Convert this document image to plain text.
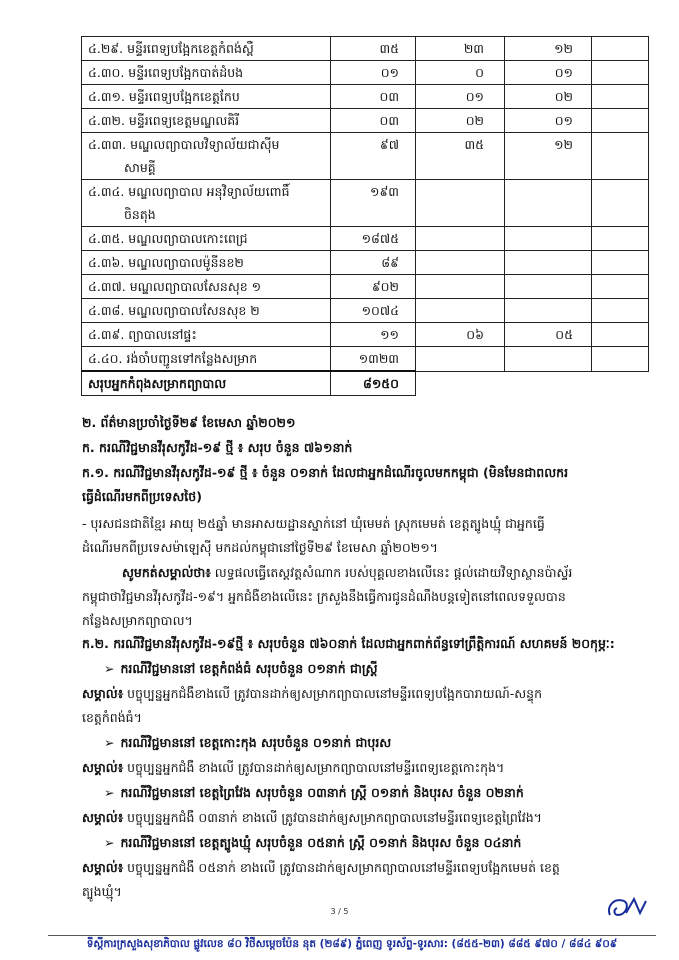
៤.២៩. មន្ទីរពេទ្យបង្អែកខេត្តកំពង់ស្ពឺ	៣៥	២៣	១២	

៤.៣០. មន្ទីរពេទ្យបង្អែកបាត់ដំបង	០១	០	០១	

៤.៣១. មន្ទីរពេទ្យបង្អែកខេត្តកែប	០៣	០១	០២	

៤.៣២. មន្ទីរពេទ្យខេត្តមណ្ឌលគិរី	០៣	០២	០១	

៤.៣៣. មណ្ឌលព្យាបាលវិទ្យាល័យជាស៊ីម
សាមគ្គី	៩៧	៣៥	១២	

៤.៣៤. មណ្ឌលព្យាបាល អនុវិទ្យាល័យពោធិ៍
ចិនតុង	១៩៣			

៤.៣៥. មណ្ឌលព្យាបាលកោះពេជ្រ	១៨៧៥			

៤.៣៦. មណ្ឌលព្យាបាលម៉ូនីនខ២	៨៩			

៤.៣៧. មណ្ឌលព្យាបាលសែនសុខ ១	៩០២			

៤.៣៨. មណ្ឌលព្យាបាលសែនសុខ ២	១០៧៤			

៤.៣៩. ព្យាបាលនៅផ្ទះ	១១	០៦	០៥	

៤.៤០. រង់ចាំបញ្ជូនទៅកន្លែងសម្រាក	១៣២៣			
សរុបអ្នកកំពុងសម្រាកព្យាបាល	៨១៥០			
២. ព័ត៌មានប្រចាំថ្ងៃទី២៩ ខែមេសា ឆ្នាំ២០២១
ក. ករណីវិជ្ជមានវីរុសកូវីដ-១៩ ថ្មី ៖ សរុប ចំនួន ៧៦១នាក់
ក.១. ករណីវិជ្ជមានវីរុសកូវីដ-១៩ ថ្មី ៖ ចំនួន ០១នាក់ ដែលជាអ្នកដំណើរចូលមកកម្ពុជា (មិនមែនជាពលករ
ធ្វើដំណើរមកពីប្រទេសថៃ)
- បុរសជនជាតិខ្មែរ អាយុ ២៥ឆ្នាំ មានអាសយដ្ឋានស្នាក់នៅ ឃុំមេមត់ ស្រុកមេមត់ ខេត្តត្បូងឃ្មុំ ជាអ្នកធ្វើ
ដំណើរមកពីប្រទេសម៉ាឡេស៊ី មកដល់កម្ពុជានៅថ្ងៃទី២៩ ខែមេសា ឆ្នាំ២០២១។
សូមកត់សម្គាល់ថា៖ លទ្ធផលធ្វើតេស្តវត្តសំណាក របស់បុគ្គលខាងលើនេះ ផ្តល់ដោយវិទ្យាស្ថានប៉ាស្ទ័រ
កម្ពុជាថាវិជ្ជមានវីរុសកូវីដ-១៩។ អ្នកជំងឺខាងលើនេះ ក្រសួងនឹងធ្វើការជូនដំណឹងបន្តទៀតនៅពេលទទួលបាន
កន្លែងសម្រាកព្យាបាល។
ក.២. ករណីវិជ្ជមានវីរុសកូវីដ-១៩ថ្មី ៖ សរុបចំនួន ៧៦០នាក់ ដែលជាអ្នកពាក់ព័ន្ធទៅព្រឹត្តិការណ៍ សហគមន៍ ២០កុម្ភៈ:
➢ ករណីវិជ្ជមាននៅ ខេត្តកំពង់ធំ សរុបចំនួន ០១នាក់ ជាស្ត្រី
សម្គាល់៖ បច្ចុប្បន្នអ្នកជំងឺខាងលើ ត្រូវបានដាក់ឲ្យសម្រាកព្យាបាលនៅមន្ទីរពេទ្យបង្អែកបារាយណ៍-សន្ទុក
ខេត្តកំពង់ធំ។
➢ ករណីវិជ្ជមាននៅ ខេត្តកោះកុង សរុបចំនួន ០១នាក់ ជាបុរស
សម្គាល់៖ បច្ចុប្បន្នអ្នកជំងឺ ខាងលើ ត្រូវបានដាក់ឲ្យសម្រាកព្យាបាលនៅមន្ទីរពេទ្យខេត្តកោះកុង។
➢ ករណីវិជ្ជមាននៅ ខេត្តព្រៃវែង សរុបចំនួន ០៣នាក់ ស្ត្រី ០១នាក់ និងបុរស ចំនួន ០២នាក់
សម្គាល់៖ បច្ចុប្បន្នអ្នកជំងឺ ០៣នាក់ ខាងលើ ត្រូវបានដាក់ឲ្យសម្រាកព្យាបាលនៅមន្ទីរពេទ្យខេត្តព្រៃវែង។
➢ ករណីវិជ្ជមាននៅ ខេត្តត្បូងឃ្មុំ សរុបចំនួន ០៥នាក់ ស្ត្រី ០១នាក់ និងបុរស ចំនួន ០៤នាក់
សម្គាល់៖ បច្ចុប្បន្នអ្នកជំងឺ ០៥នាក់ ខាងលើ ត្រូវបានដាក់ឲ្យសម្រាកព្យាបាលនៅមន្ទីរពេទ្យបង្អែកមេមត់ ខេត្ត
ត្បូងឃ្មុំ។
3 / 5
ទីស្តីការក្រសួងសុខាភិបាល ផ្លូវលេខ ៨០ វិថីសម្តេចប៉ែន នុត (២៨៩) ភ្នំពេញ ទូរស័ព្ទ-ទូរសារ: (៨៥៥-២៣) ៨៨៥ ៩៧០ / ៨៨៤ ៩០៩
